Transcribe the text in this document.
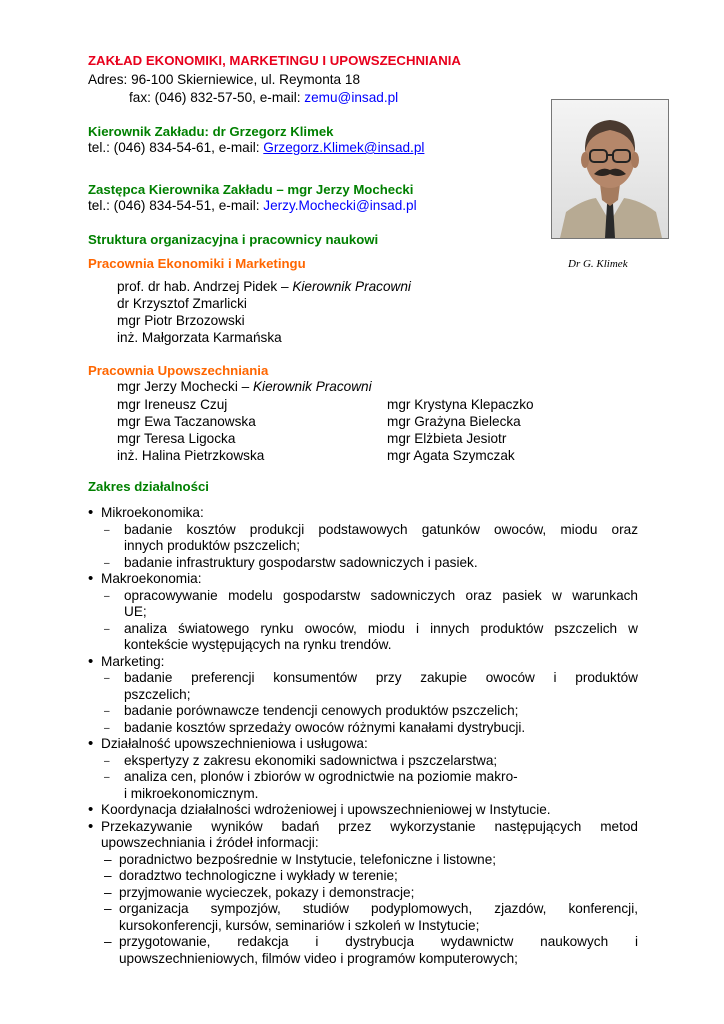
ZAKŁAD EKONOMIKI, MARKETINGU I UPOWSZECHNIANIA
Adres: 96-100 Skierniewice, ul. Reymonta 18
fax: (046) 832-57-50, e-mail: zemu@insad.pl
Kierownik Zakładu: dr Grzegorz Klimek
tel.: (046) 834-54-61, e-mail: Grzegorz.Klimek@insad.pl
Zastępca Kierownika Zakładu – mgr Jerzy Mochecki
tel.: (046) 834-54-51, e-mail: Jerzy.Mochecki@insad.pl
Dr G. Klimek
Struktura organizacyjna i pracownicy naukowi
Pracownia Ekonomiki i Marketingu
prof. dr hab. Andrzej Pidek – Kierownik Pracowni
dr Krzysztof Zmarlicki
mgr Piotr Brzozowski
inż. Małgorzata Karmańska
Pracownia Upowszechniania
mgr Jerzy Mochecki – Kierownik Pracowni
mgr Ireneusz Czuj
mgr Ewa Taczanowska
mgr Teresa Ligocka
inż. Halina Pietrzkowska
mgr Krystyna Klepaczko
mgr Grażyna Bielecka
mgr Elżbieta Jesiotr
mgr Agata Szymczak
Zakres działalności
• Mikroekonomika:
– badanie kosztów produkcji podstawowych gatunków owoców, miodu oraz
innych produktów pszczelich;
– badanie infrastruktury gospodarstw sadowniczych i pasiek.
• Makroekonomia:
– opracowywanie modelu gospodarstw sadowniczych oraz pasiek w warunkach
UE;
– analiza światowego rynku owoców, miodu i innych produktów pszczelich w
kontekście występujących na rynku trendów.
• Marketing:
– badanie preferencji konsumentów przy zakupie owoców i produktów
pszczelich;
– badanie porównawcze tendencji cenowych produktów pszczelich;
– badanie kosztów sprzedaży owoców różnymi kanałami dystrybucji.
• Działalność upowszechnieniowa i usługowa:
– ekspertyzy z zakresu ekonomiki sadownictwa i pszczelarstwa;
– analiza cen, plonów i zbiorów w ogrodnictwie na poziomie makro-
i mikroekonomicznym.
• Koordynacja działalności wdrożeniowej i upowszechnieniowej w Instytucie.
• Przekazywanie wyników badań przez wykorzystanie następujących metod
upowszechniania i źródeł informacji:
– poradnictwo bezpośrednie w Instytucie, telefoniczne i listowne;
– doradztwo technologiczne i wykłady w terenie;
– przyjmowanie wycieczek, pokazy i demonstracje;
– organizacja sympozjów, studiów podyplomowych, zjazdów, konferencji,
kursokonferencji, kursów, seminariów i szkoleń w Instytucie;
– przygotowanie, redakcja i dystrybucja wydawnictw naukowych i
upowszechnieniowych, filmów video i programów komputerowych;
